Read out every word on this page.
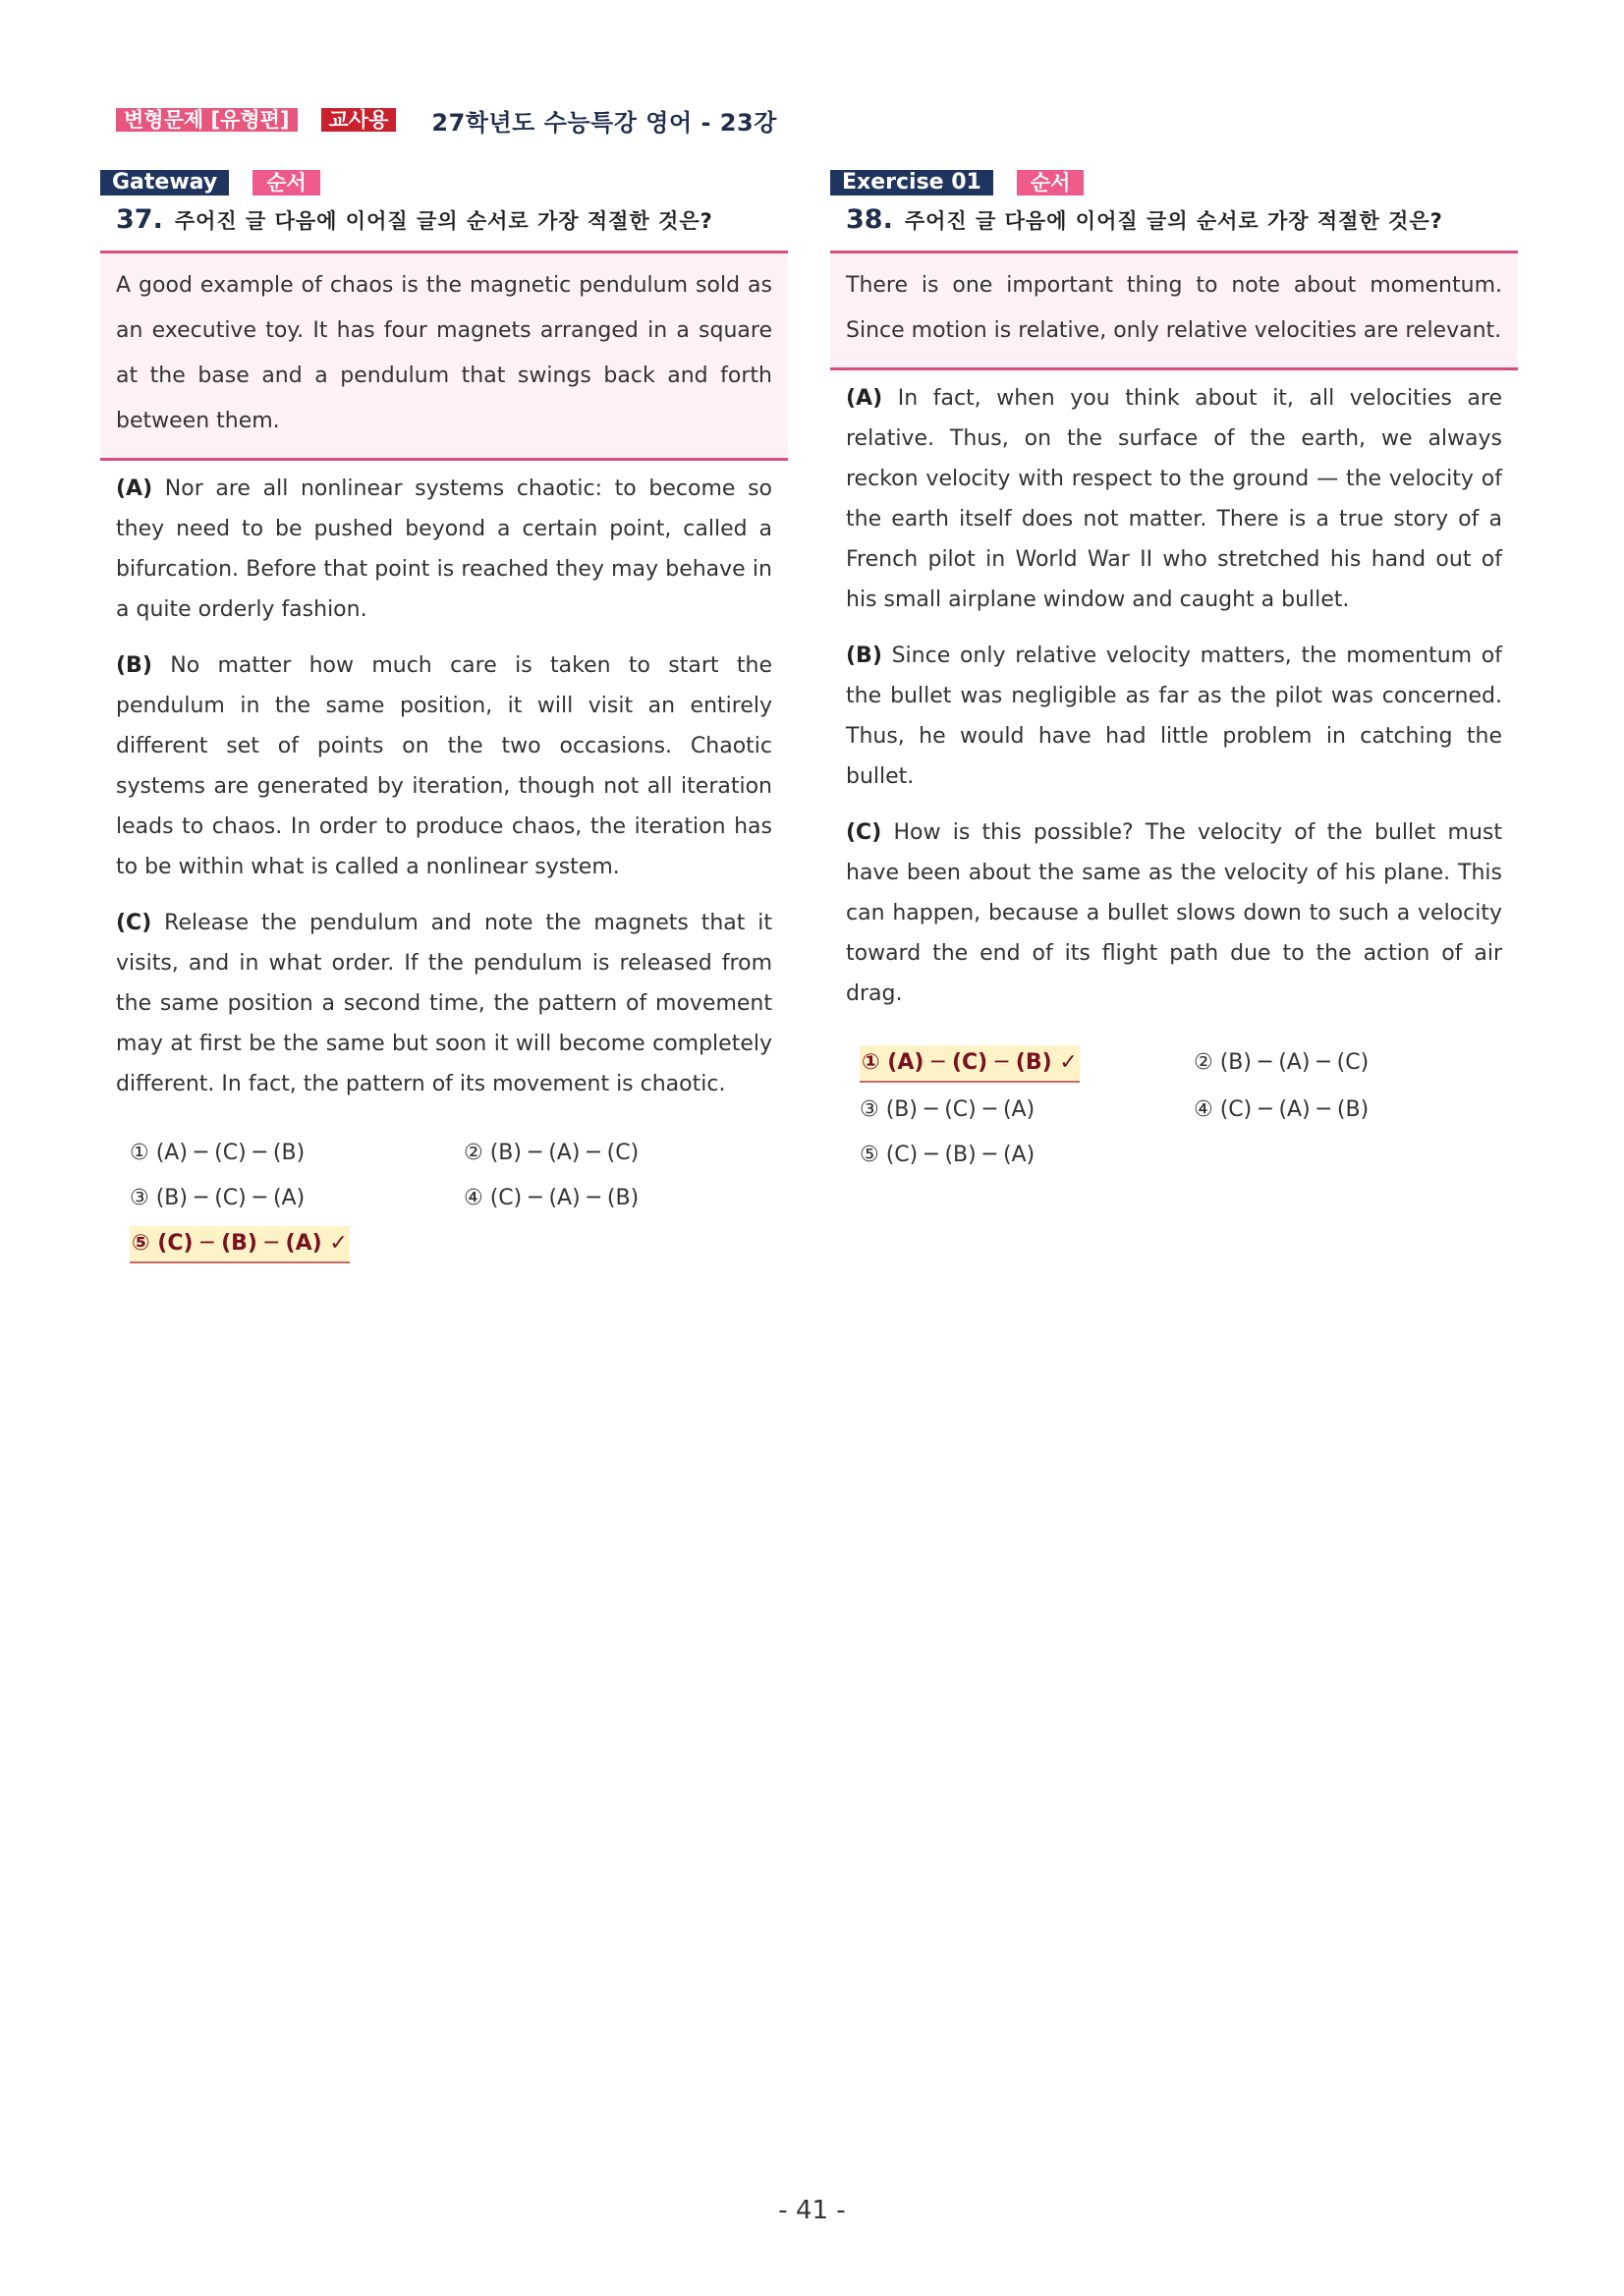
변형문제 [유형편]	교사용	27학년도 수능특강 영어 - 23강
Gateway	순서
37. 주어진 글 다음에 이어질 글의 순서로 가장 적절한 것은?
A good example of chaos is the magnetic pendulum sold as an executive toy. It has four magnets arranged in a square at the base and a pendulum that swings back and forth between them.
(A) Nor are all nonlinear systems chaotic: to become so they need to be pushed beyond a certain point, called a bifurcation. Before that point is reached they may behave in a quite orderly fashion.
(B) No matter how much care is taken to start the pendulum in the same position, it will visit an entirely different set of points on the two occasions. Chaotic systems are generated by iteration, though not all iteration leads to chaos. In order to produce chaos, the iteration has to be within what is called a nonlinear system.
(C) Release the pendulum and note the magnets that it visits, and in what order. If the pendulum is released from the same position a second time, the pattern of movement may at first be the same but soon it will become completely different. In fact, the pattern of its movement is chaotic.
① (A) ─ (C) ─ (B)	② (B) ─ (A) ─ (C)
③ (B) ─ (C) ─ (A)	④ (C) ─ (A) ─ (B)
⑤ (C) ─ (B) ─ (A) ✓
Exercise 01	순서
38. 주어진 글 다음에 이어질 글의 순서로 가장 적절한 것은?
There is one important thing to note about momentum. Since motion is relative, only relative velocities are relevant.
(A) In fact, when you think about it, all velocities are relative. Thus, on the surface of the earth, we always reckon velocity with respect to the ground — the velocity of the earth itself does not matter. There is a true story of a French pilot in World War II who stretched his hand out of his small airplane window and caught a bullet.
(B) Since only relative velocity matters, the momentum of the bullet was negligible as far as the pilot was concerned. Thus, he would have had little problem in catching the bullet.
(C) How is this possible? The velocity of the bullet must have been about the same as the velocity of his plane. This can happen, because a bullet slows down to such a velocity toward the end of its flight path due to the action of air drag.
① (A) ─ (C) ─ (B) ✓	② (B) ─ (A) ─ (C)
③ (B) ─ (C) ─ (A)	④ (C) ─ (A) ─ (B)
⑤ (C) ─ (B) ─ (A)
- 41 -
